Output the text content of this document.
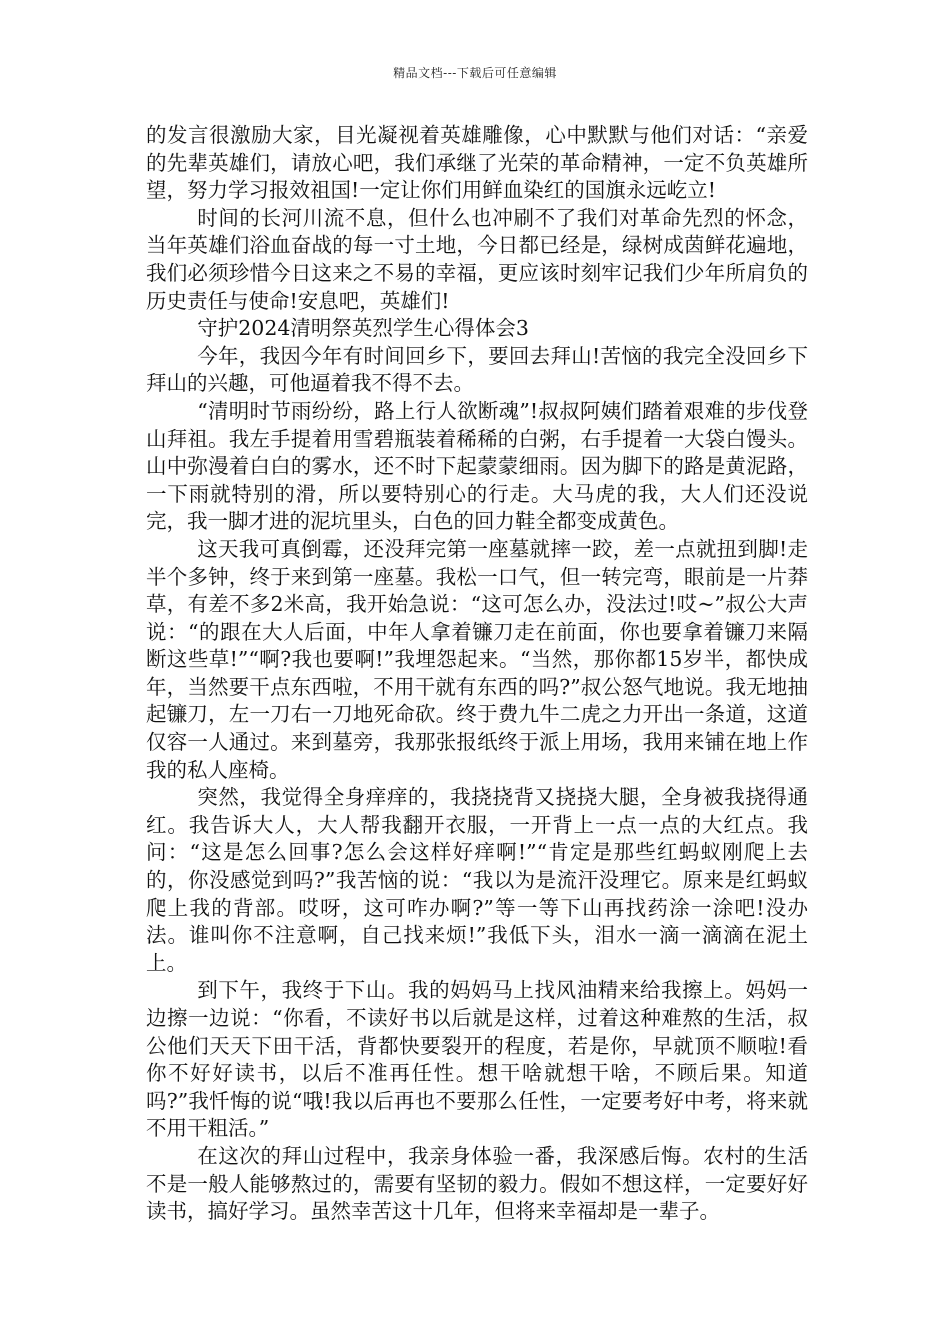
精品文档---下载后可任意编辑

的发言很激励大家，目光凝视着英雄雕像，心中默默与他们对话：“亲爱的先辈英雄们，请放心吧，我们承继了光荣的革命精神，一定不负英雄所望，努力学习报效祖国!一定让你们用鲜血染红的国旗永远屹立!

时间的长河川流不息，但什么也冲刷不了我们对革命先烈的怀念，当年英雄们浴血奋战的每一寸土地，今日都已经是，绿树成茵鲜花遍地，我们必须珍惜今日这来之不易的幸福，更应该时刻牢记我们少年所肩负的历史责任与使命!安息吧，英雄们!

守护2024清明祭英烈学生心得体会3

今年，我因今年有时间回乡下，要回去拜山!苦恼的我完全没回乡下拜山的兴趣，可他逼着我不得不去。

“清明时节雨纷纷，路上行人欲断魂”!叔叔阿姨们踏着艰难的步伐登山拜祖。我左手提着用雪碧瓶装着稀稀的白粥，右手提着一大袋白馒头。山中弥漫着白白的雾水，还不时下起蒙蒙细雨。因为脚下的路是黄泥路，一下雨就特别的滑，所以要特别心的行走。大马虎的我，大人们还没说完，我一脚才进的泥坑里头，白色的回力鞋全都变成黄色。

这天我可真倒霉，还没拜完第一座墓就摔一跤，差一点就扭到脚!走半个多钟，终于来到第一座墓。我松一口气，但一转完弯，眼前是一片莽草，有差不多2米高，我开始急说：“这可怎么办，没法过!哎~”叔公大声说：“的跟在大人后面，中年人拿着镰刀走在前面，你也要拿着镰刀来隔断这些草!”“啊?我也要啊!”我埋怨起来。“当然，那你都15岁半，都快成年，当然要干点东西啦，不用干就有东西的吗?”叔公怒气地说。我无地抽起镰刀，左一刀右一刀地死命砍。终于费九牛二虎之力开出一条道，这道仅容一人通过。来到墓旁，我那张报纸终于派上用场，我用来铺在地上作我的私人座椅。

突然，我觉得全身痒痒的，我挠挠背又挠挠大腿，全身被我挠得通红。我告诉大人，大人帮我翻开衣服，一开背上一点一点的大红点。我问：“这是怎么回事?怎么会这样好痒啊!”“肯定是那些红蚂蚁刚爬上去的，你没感觉到吗?”我苦恼的说：“我以为是流汗没理它。原来是红蚂蚁爬上我的背部。哎呀，这可咋办啊?”等一等下山再找药涂一涂吧!没办法。谁叫你不注意啊，自己找来烦!”我低下头，泪水一滴一滴滴在泥土上。

到下午，我终于下山。我的妈妈马上找风油精来给我擦上。妈妈一边擦一边说：“你看，不读好书以后就是这样，过着这种难熬的生活，叔公他们天天下田干活，背都快要裂开的程度，若是你，早就顶不顺啦!看你不好好读书，以后不准再任性。想干啥就想干啥，不顾后果。知道吗?”我忏悔的说“哦!我以后再也不要那么任性，一定要考好中考，将来就不用干粗活。”

在这次的拜山过程中，我亲身体验一番，我深感后悔。农村的生活不是一般人能够熬过的，需要有坚韧的毅力。假如不想这样，一定要好好读书，搞好学习。虽然幸苦这十几年，但将来幸福却是一辈子。
